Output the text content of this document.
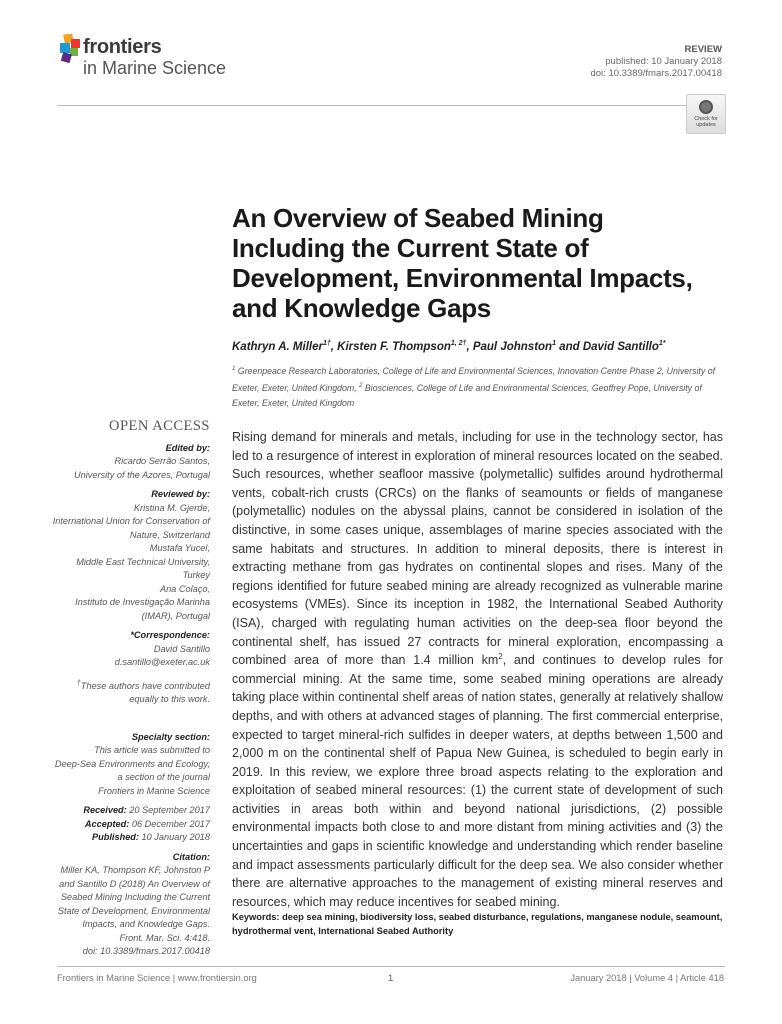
frontiers
in Marine Science
REVIEW
published: 10 January 2018
doi: 10.3389/fmars.2017.00418
Check for updates
An Overview of Seabed Mining Including the Current State of Development, Environmental Impacts, and Knowledge Gaps
Kathryn A. Miller$^{1\dagger}$, Kirsten F. Thompson$^{1, 2\dagger}$, Paul Johnston$^1$ and David Santillo$^{1*}$
$^1$ Greenpeace Research Laboratories, College of Life and Environmental Sciences, Innovation Centre Phase 2, University of Exeter, Exeter, United Kingdom, $^2$ Biosciences, College of Life and Environmental Sciences, Geoffrey Pope, University of Exeter, Exeter, United Kingdom
OPEN ACCESS
Edited by:
Ricardo Serrão Santos,
University of the Azores, Portugal
Reviewed by:
Kristina M. Gjerde,
International Union for Conservation of
Nature, Switzerland
Mustafa Yucel,
Middle East Technical University,
Turkey
Ana Colaço,
Instituto de Investigação Marinha
(IMAR), Portugal
*Correspondence:
David Santillo
d.santillo@exeter.ac.uk
†These authors have contributed
equally to this work.
Specialty section:
This article was submitted to
Deep-Sea Environments and Ecology,
a section of the journal
Frontiers in Marine Science
Received: 20 September 2017
Accepted: 06 December 2017
Published: 10 January 2018
Citation:
Miller KA, Thompson KF, Johnston P
and Santillo D (2018) An Overview of
Seabed Mining Including the Current
State of Development, Environmental
Impacts, and Knowledge Gaps.
Front. Mar. Sci. 4:418.
doi: 10.3389/fmars.2017.00418
Rising demand for minerals and metals, including for use in the technology sector, has led to a resurgence of interest in exploration of mineral resources located on the seabed. Such resources, whether seafloor massive (polymetallic) sulfides around hydrothermal vents, cobalt-rich crusts (CRCs) on the flanks of seamounts or fields of manganese (polymetallic) nodules on the abyssal plains, cannot be considered in isolation of the distinctive, in some cases unique, assemblages of marine species associated with the same habitats and structures. In addition to mineral deposits, there is interest in extracting methane from gas hydrates on continental slopes and rises. Many of the regions identified for future seabed mining are already recognized as vulnerable marine ecosystems (VMEs). Since its inception in 1982, the International Seabed Authority (ISA), charged with regulating human activities on the deep-sea floor beyond the continental shelf, has issued 27 contracts for mineral exploration, encompassing a combined area of more than 1.4 million $km^2$, and continues to develop rules for commercial mining. At the same time, some seabed mining operations are already taking place within continental shelf areas of nation states, generally at relatively shallow depths, and with others at advanced stages of planning. The first commercial enterprise, expected to target mineral-rich sulfides in deeper waters, at depths between 1,500 and 2,000 m on the continental shelf of Papua New Guinea, is scheduled to begin early in 2019. In this review, we explore three broad aspects relating to the exploration and exploitation of seabed mineral resources: (1) the current state of development of such activities in areas both within and beyond national jurisdictions, (2) possible environmental impacts both close to and more distant from mining activities and (3) the uncertainties and gaps in scientific knowledge and understanding which render baseline and impact assessments particularly difficult for the deep sea. We also consider whether there are alternative approaches to the management of existing mineral reserves and resources, which may reduce incentives for seabed mining.
Keywords: deep sea mining, biodiversity loss, seabed disturbance, regulations, manganese nodule, seamount, hydrothermal vent, International Seabed Authority
Frontiers in Marine Science | www.frontiersin.org	1	January 2018 | Volume 4 | Article 418
